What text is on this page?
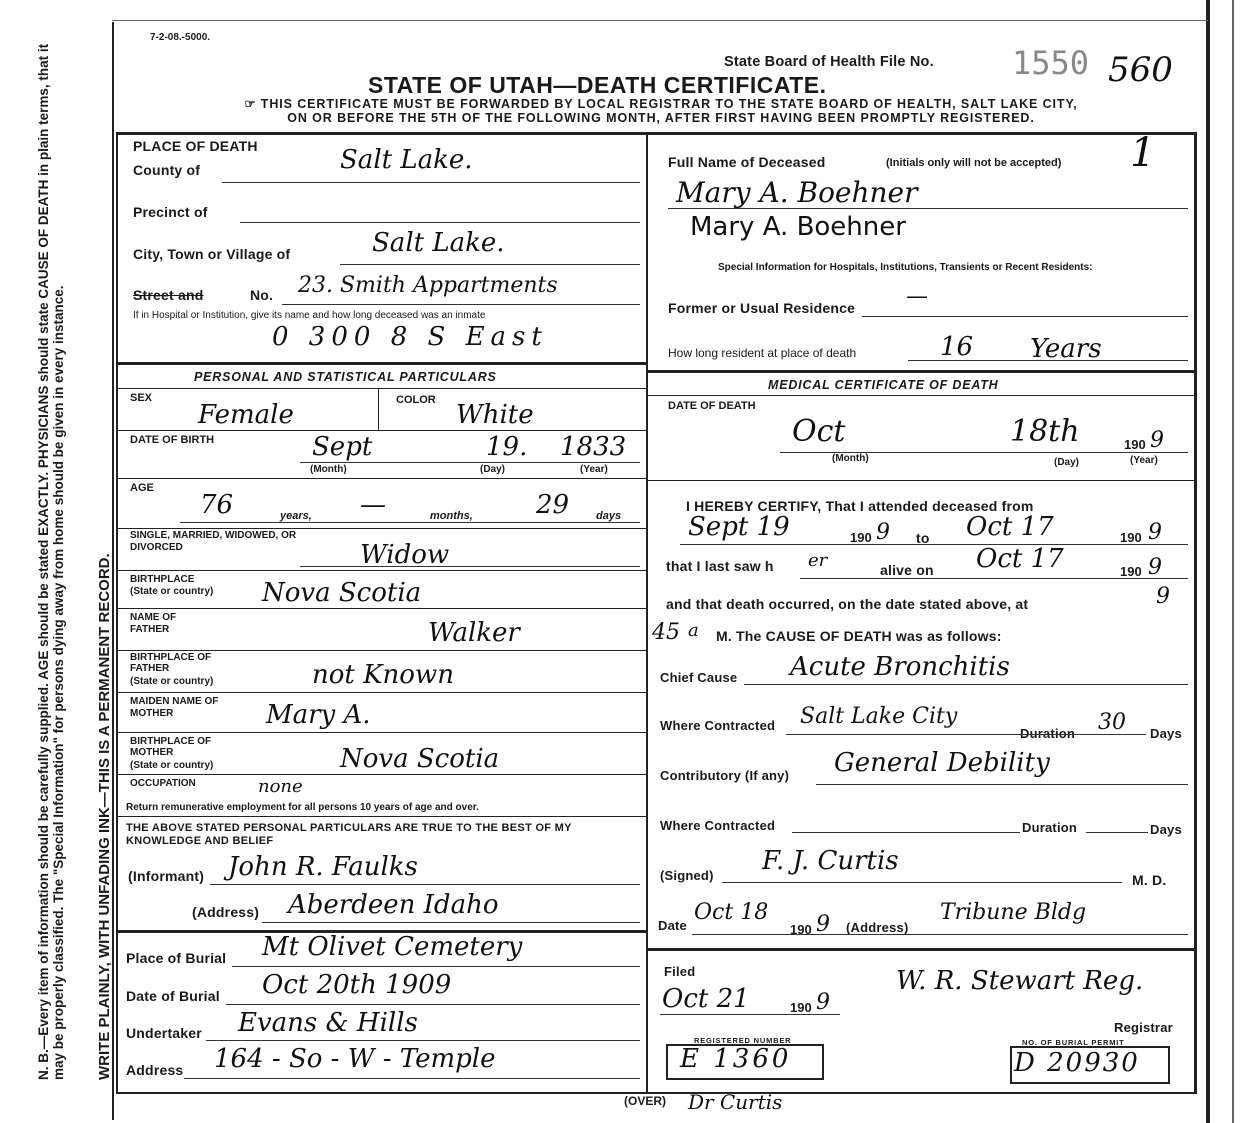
N. B.—Every item of information should be carefully supplied. AGE should be stated EXACTLY. PHYSICIANS should state CAUSE OF DEATH in plain terms, that it may be properly classified. The "Special Information" for persons dying away from home should be given in every instance. WRITE PLAINLY, WITH UNFADING INK—THIS IS A PERMANENT RECORD.
7-2-08.-5000.
State Board of Health File No. 1550 560
STATE OF UTAH—DEATH CERTIFICATE.
☞ THIS CERTIFICATE MUST BE FORWARDED BY LOCAL REGISTRAR TO THE STATE BOARD OF HEALTH, SALT LAKE CITY,
ON OR BEFORE THE 5TH OF THE FOLLOWING MONTH, AFTER FIRST HAVING BEEN PROMPTLY REGISTERED.
PLACE OF DEATH
County of	Salt Lake.
Precinct of
City, Town or Village of	Salt Lake.
Street and	No. 23. Smith Appartments
If in Hospital or Institution, give its name and how long deceased was an inmate
0 300 8 S East
PERSONAL AND STATISTICAL PARTICULARS
SEX
Female	COLOR White
DATE OF BIRTH	Sept	19. 1833
(Month)	(Day)	(Year)
AGE
76	years, —	months, 29 days
SINGLE, MARRIED, WIDOWED, OR DIVORCED	Widow
BIRTHPLACE
(State or country) Nova Scotia
NAME OF FATHER	Walker
BIRTHPLACE OF FATHER
(State or country)	not Known
MAIDEN NAME OF MOTHER	Mary A.
BIRTHPLACE OF MOTHER
(State or country)	Nova Scotia
OCCUPATION	none
Return remunerative employment for all persons 10 years of age and over.
THE ABOVE STATED PERSONAL PARTICULARS ARE TRUE TO THE BEST OF MY KNOWLEDGE AND BELIEF
(Informant) John R. Faulks
(Address) Aberdeen Idaho
Place of Burial Mt Olivet Cemetery
Date of Burial Oct 20th 1909
Undertaker Evans & Hills
Address 164 - So - W - Temple
Full Name of Deceased	(Initials only will not be accepted) 1
Mary A. Boehner
Mary A. Boehner
Special Information for Hospitals, Institutions, Transients or Recent Residents:
Former or Usual Residence —
How long resident at place of death	16 Years
MEDICAL CERTIFICATE OF DEATH
DATE OF DEATH
Oct	18th	190 9
(Month)	(Day)	(Year)
I HEREBY CERTIFY, That I attended deceased from
Sept 19	190 9 to Oct 17	190 9
that I last saw h er	alive on Oct 17	190 9
and that death occurred, on the date stated above, at	9
45 a M. The CAUSE OF DEATH was as follows:
Chief Cause Acute Bronchitis
Where Contracted Salt Lake City
Duration 30 Days
Contributory (If any) General Debility
Where Contracted	Duration	Days
(Signed) F. J. Curtis
M. D.
Date
Oct 18
190 9 (Address)
Tribune Bldg
Filed
Oct 21	190 9
W. R. Stewart Reg.
Registrar
REGISTERED NUMBER
E 1360
NO. OF BURIAL PERMIT
D 20930
(OVER) Dr Curtis
